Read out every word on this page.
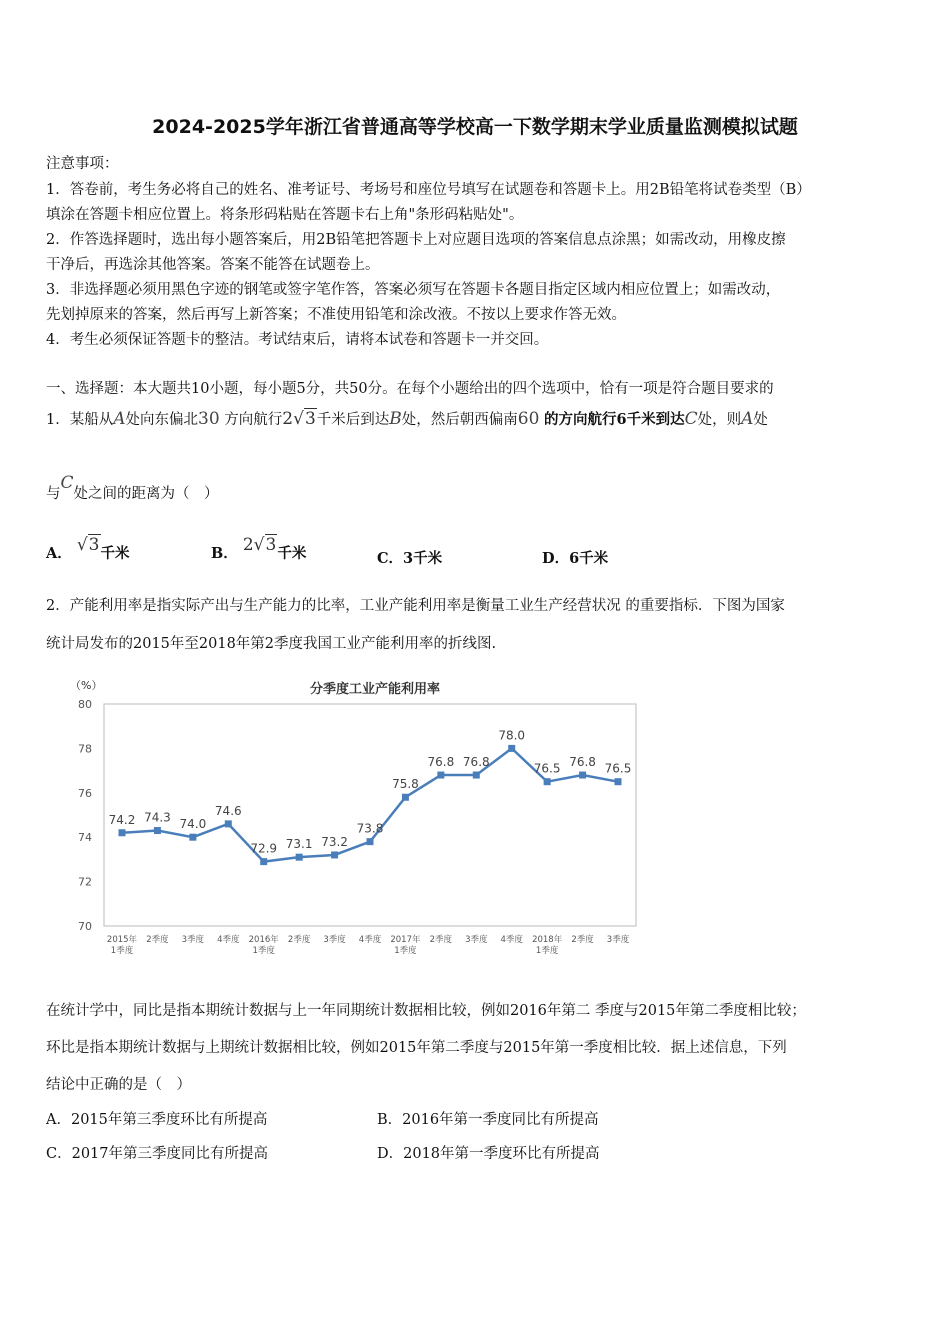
2024-2025学年浙江省普通高等学校高一下数学期末学业质量监测模拟试题
注意事项：
1．答卷前，考生务必将自己的姓名、准考证号、考场号和座位号填写在试题卷和答题卡上。用2B铅笔将试卷类型（B）
填涂在答题卡相应位置上。将条形码粘贴在答题卡右上角"条形码粘贴处"。
2．作答选择题时，选出每小题答案后，用2B铅笔把答题卡上对应题目选项的答案信息点涂黑；如需改动，用橡皮擦
干净后，再选涂其他答案。答案不能答在试题卷上。
3．非选择题必须用黑色字迹的钢笔或签字笔作答，答案必须写在答题卡各题目指定区域内相应位置上；如需改动，
先划掉原来的答案，然后再写上新答案；不准使用铅笔和涂改液。不按以上要求作答无效。
4．考生必须保证答题卡的整洁。考试结束后，请将本试卷和答题卡一并交回。
一、选择题：本大题共10小题，每小题5分，共50分。在每个小题给出的四个选项中，恰有一项是符合题目要求的
1．某船从A处向东偏北30 方向航行2√3千米后到达B处，然后朝西偏南60 的方向航行6千米到达C处，则A处
与C处之间的距离为（　）
A． √3千米	B． 2√3千米	C．3千米	D．6千米
2．产能利用率是指实际产出与生产能力的比率，工业产能利用率是衡量工业生产经营状况 的重要指标．下图为国家
统计局发布的2015年至2018年第2季度我国工业产能利用率的折线图.
（%）	分季度工业产能利用率
70
72
74
76
78
80
2015年
1季度
2季度 3季度 4季度 2016年
1季度
2季度 3季度 4季度 2017年
1季度
2季度 3季度 4季度 2018年
1季度
2季度 3季度
74.2 74.3 74.0
74.6
72.9 73.1 73.2
73.8
75.8
76.8 76.8
78.0
76.5 76.8 76.5
在统计学中，同比是指本期统计数据与上一年同期统计数据相比较，例如2016年第二 季度与2015年第二季度相比较；
环比是指本期统计数据与上期统计数据相比较，例如2015年第二季度与2015年第一季度相比较．据上述信息，下列
结论中正确的是（　）
A．2015年第三季度环比有所提高	B．2016年第一季度同比有所提高
C．2017年第三季度同比有所提高	D．2018年第一季度环比有所提高
